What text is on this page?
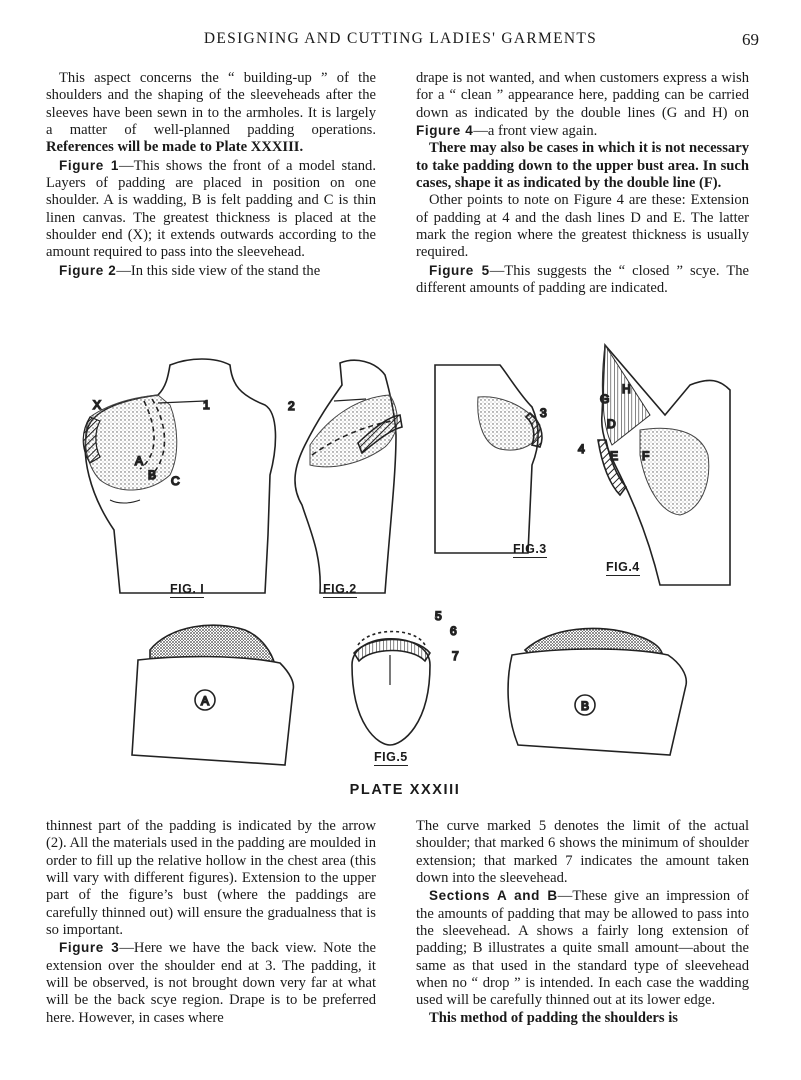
DESIGNING AND CUTTING LADIES' GARMENTS	69

This aspect concerns the “ building-up ” of the shoulders and the shaping of the sleeveheads after the sleeves have been sewn in to the armholes. It is largely a matter of well-planned padding operations. References will be made to Plate XXXIII.

Figure 1—This shows the front of a model stand. Layers of padding are placed in position on one shoulder. A is wadding, B is felt padding and C is thin linen canvas. The greatest thickness is placed at the shoulder end (X); it extends outwards according to the amount required to pass into the sleevehead.

Figure 2—In this side view of the stand the

drape is not wanted, and when customers express a wish for a “ clean ” appearance here, padding can be carried down as indicated by the double lines (G and H) on Figure 4—a front view again.

There may also be cases in which it is not necessary to take padding down to the upper bust area. In such cases, shape it as indicated by the double line (F).

Other points to note on Figure 4 are these: Extension of padding at 4 and the dash lines D and E. The latter mark the region where the greatest thickness is usually required.

Figure 5—This suggests the “ closed ” scye. The different amounts of padding are indicated.

X	1
A
B C
2	3
4
D
E F
G
H
A
5
6
7
B
FIG. I	FIG.2
FIG.3
FIG.4
FIG.5
PLATE XXXIII

thinnest part of the padding is indicated by the arrow (2). All the materials used in the padding are moulded in order to fill up the relative hollow in the chest area (this will vary with different figures). Extension to the upper part of the figure’s bust (where the paddings are carefully thinned out) will ensure the gradualness that is so important.

Figure 3—Here we have the back view. Note the extension over the shoulder end at 3. The padding, it will be observed, is not brought down very far at what will be the back scye region. Drape is to be preferred here. However, in cases where

The curve marked 5 denotes the limit of the actual shoulder; that marked 6 shows the minimum of shoulder extension; that marked 7 indicates the amount taken down into the sleevehead.

Sections A and B—These give an impression of the amounts of padding that may be allowed to pass into the sleevehead. A shows a fairly long extension of padding; B illustrates a quite small amount—about the same as that used in the standard type of sleevehead when no “ drop ” is intended. In each case the wadding used will be carefully thinned out at its lower edge.

This method of padding the shoulders is
